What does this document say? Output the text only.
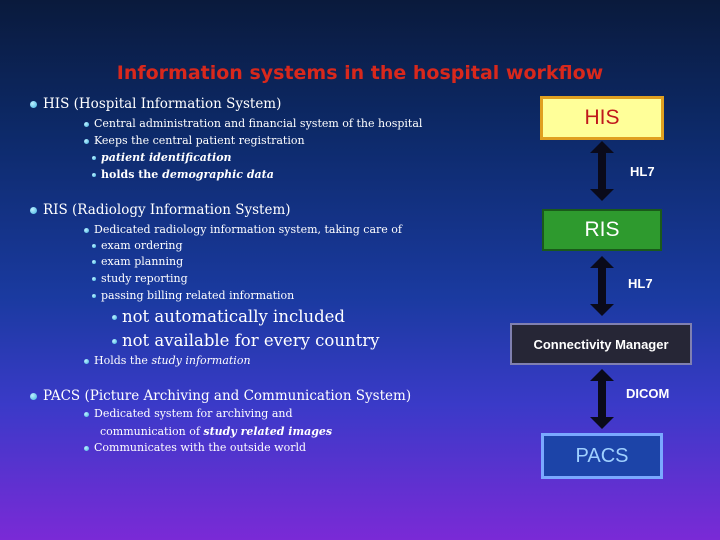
Information systems in the hospital workflow
HIS (Hospital Information System)
Central administration and financial system of the hospital
Keeps the central patient registration
patient identification
holds the demographic data
RIS (Radiology Information System)
Dedicated radiology information system, taking care of
exam ordering
exam planning
study reporting
passing billing related information
not automatically included
not available for every country
Holds the study information
PACS (Picture Archiving and Communication System)
Dedicated system for archiving and
communication of study related images
Communicates with the outside world
HIS
HL7
RIS
HL7
Connectivity Manager
DICOM
PACS
